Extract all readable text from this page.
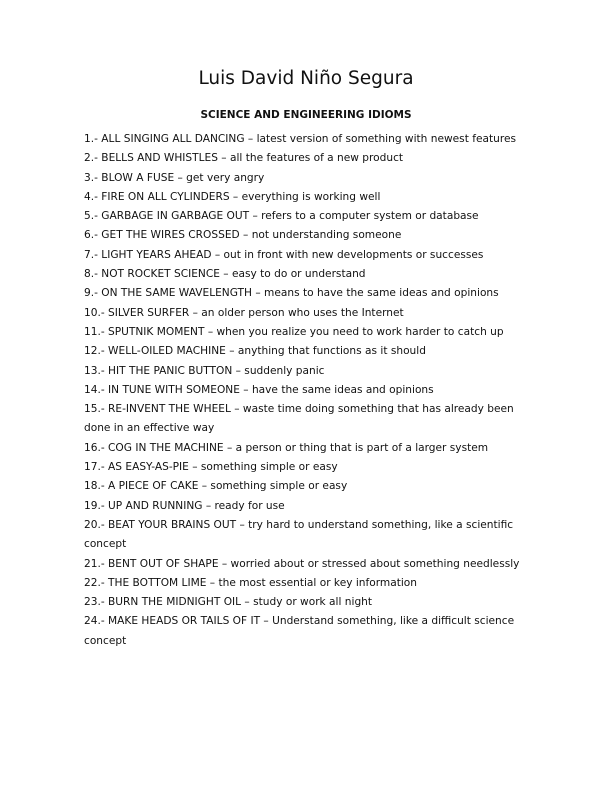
Luis David Niño Segura
SCIENCE AND ENGINEERING IDIOMS
1.- ALL SINGING ALL DANCING – latest version of something with newest features
2.- BELLS AND WHISTLES – all the features of a new product
3.- BLOW A FUSE – get very angry
4.- FIRE ON ALL CYLINDERS – everything is working well
5.- GARBAGE IN GARBAGE OUT – refers to a computer system or database
6.- GET THE WIRES CROSSED – not understanding someone
7.- LIGHT YEARS AHEAD – out in front with new developments or successes
8.- NOT ROCKET SCIENCE – easy to do or understand
9.- ON THE SAME WAVELENGTH – means to have the same ideas and opinions
10.- SILVER SURFER – an older person who uses the Internet
11.- SPUTNIK MOMENT – when you realize you need to work harder to catch up
12.- WELL-OILED MACHINE – anything that functions as it should
13.- HIT THE PANIC BUTTON – suddenly panic
14.- IN TUNE WITH SOMEONE – have the same ideas and opinions
15.- RE-INVENT THE WHEEL – waste time doing something that has already been done in an effective way
16.- COG IN THE MACHINE – a person or thing that is part of a larger system
17.- AS EASY-AS-PIE – something simple or easy
18.- A PIECE OF CAKE – something simple or easy
19.- UP AND RUNNING – ready for use
20.- BEAT YOUR BRAINS OUT – try hard to understand something, like a scientific concept
21.- BENT OUT OF SHAPE – worried about or stressed about something needlessly
22.- THE BOTTOM LIME – the most essential or key information
23.- BURN THE MIDNIGHT OIL – study or work all night
24.- MAKE HEADS OR TAILS OF IT – Understand something, like a difficult science concept
